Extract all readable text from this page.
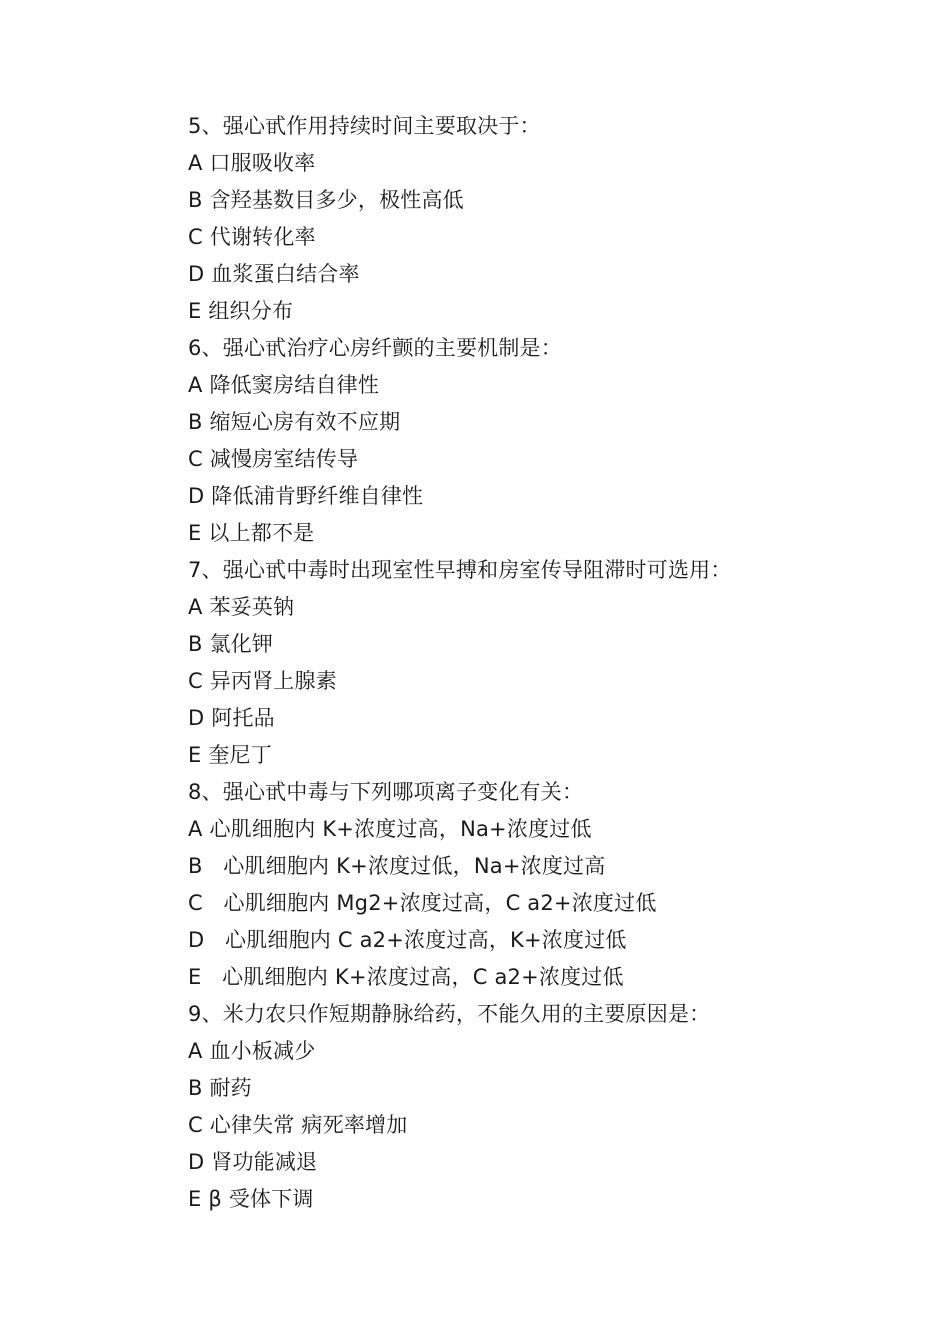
5、强心甙作用持续时间主要取决于：
A 口服吸收率
B 含羟基数目多少，极性高低
C 代谢转化率
D 血浆蛋白结合率
E 组织分布
6、强心甙治疗心房纤颤的主要机制是：
A 降低窦房结自律性
B 缩短心房有效不应期
C 减慢房室结传导
D 降低浦肯野纤维自律性
E 以上都不是
7、强心甙中毒时出现室性早搏和房室传导阻滞时可选用：
A 苯妥英钠
B 氯化钾
C 异丙肾上腺素
D 阿托品
E 奎尼丁
8、强心甙中毒与下列哪项离子变化有关：
A 心肌细胞内 K+浓度过高，Na+浓度过低
B   心肌细胞内 K+浓度过低，Na+浓度过高
C   心肌细胞内 Mg2+浓度过高，C a2+浓度过低
D   心肌细胞内 C a2+浓度过高，K+浓度过低
E   心肌细胞内 K+浓度过高，C a2+浓度过低
9、米力农只作短期静脉给药，不能久用的主要原因是：
A 血小板减少
B 耐药
C 心律失常 病死率增加
D 肾功能减退
E β 受体下调
